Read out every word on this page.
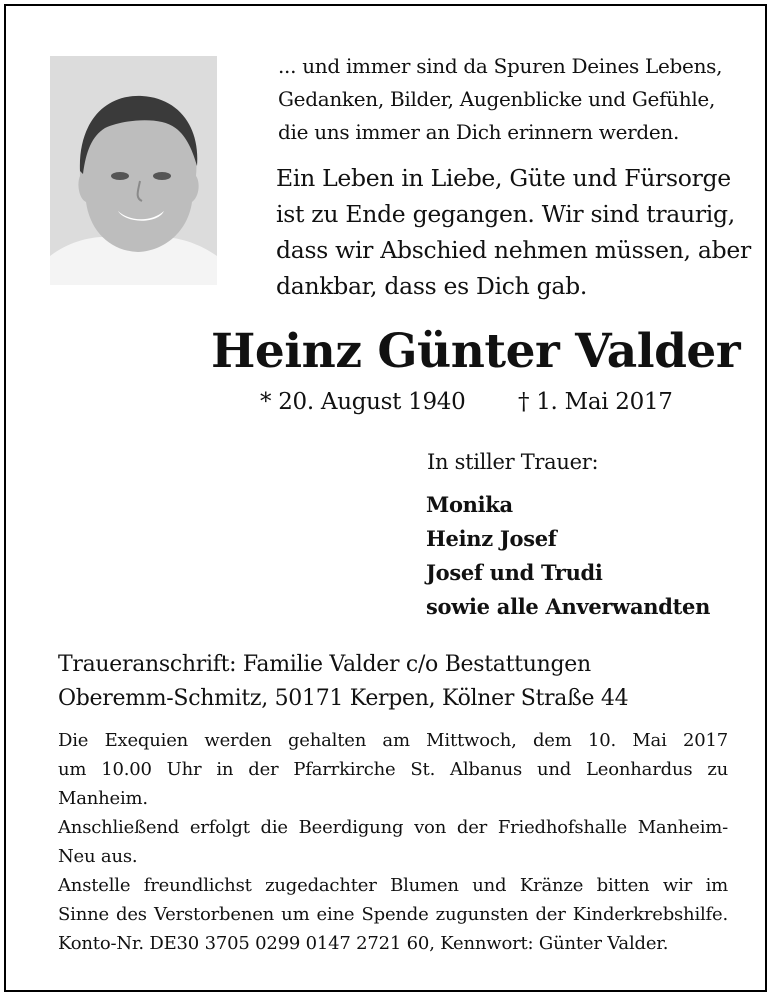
... und immer sind da Spuren Deines Lebens,
Gedanken, Bilder, Augenblicke und Gefühle,
die uns immer an Dich erinnern werden.
Ein Leben in Liebe, Güte und Fürsorge
ist zu Ende gegangen. Wir sind traurig,
dass wir Abschied nehmen müssen, aber
dankbar, dass es Dich gab.
Heinz Günter Valder
* 20. August 1940 † 1. Mai 2017
In stiller Trauer:
Monika
Heinz Josef
Josef und Trudi
sowie alle Anverwandten
Traueranschrift: Familie Valder c/o Bestattungen
Oberemm-Schmitz, 50171 Kerpen, Kölner Straße 44

Die Exequien werden gehalten am Mittwoch, dem 10. Mai 2017

um 10.00 Uhr in der Pfarrkirche St. Albanus und Leonhardus zu

Manheim.

Anschließend erfolgt die Beerdigung von der Friedhofshalle Manheim-

Neu aus.

Anstelle freundlichst zugedachter Blumen und Kränze bitten wir im

Sinne des Verstorbenen um eine Spende zugunsten der Kinderkrebshilfe.

Konto-Nr. DE30 3705 0299 0147 2721 60, Kennwort: Günter Valder.
